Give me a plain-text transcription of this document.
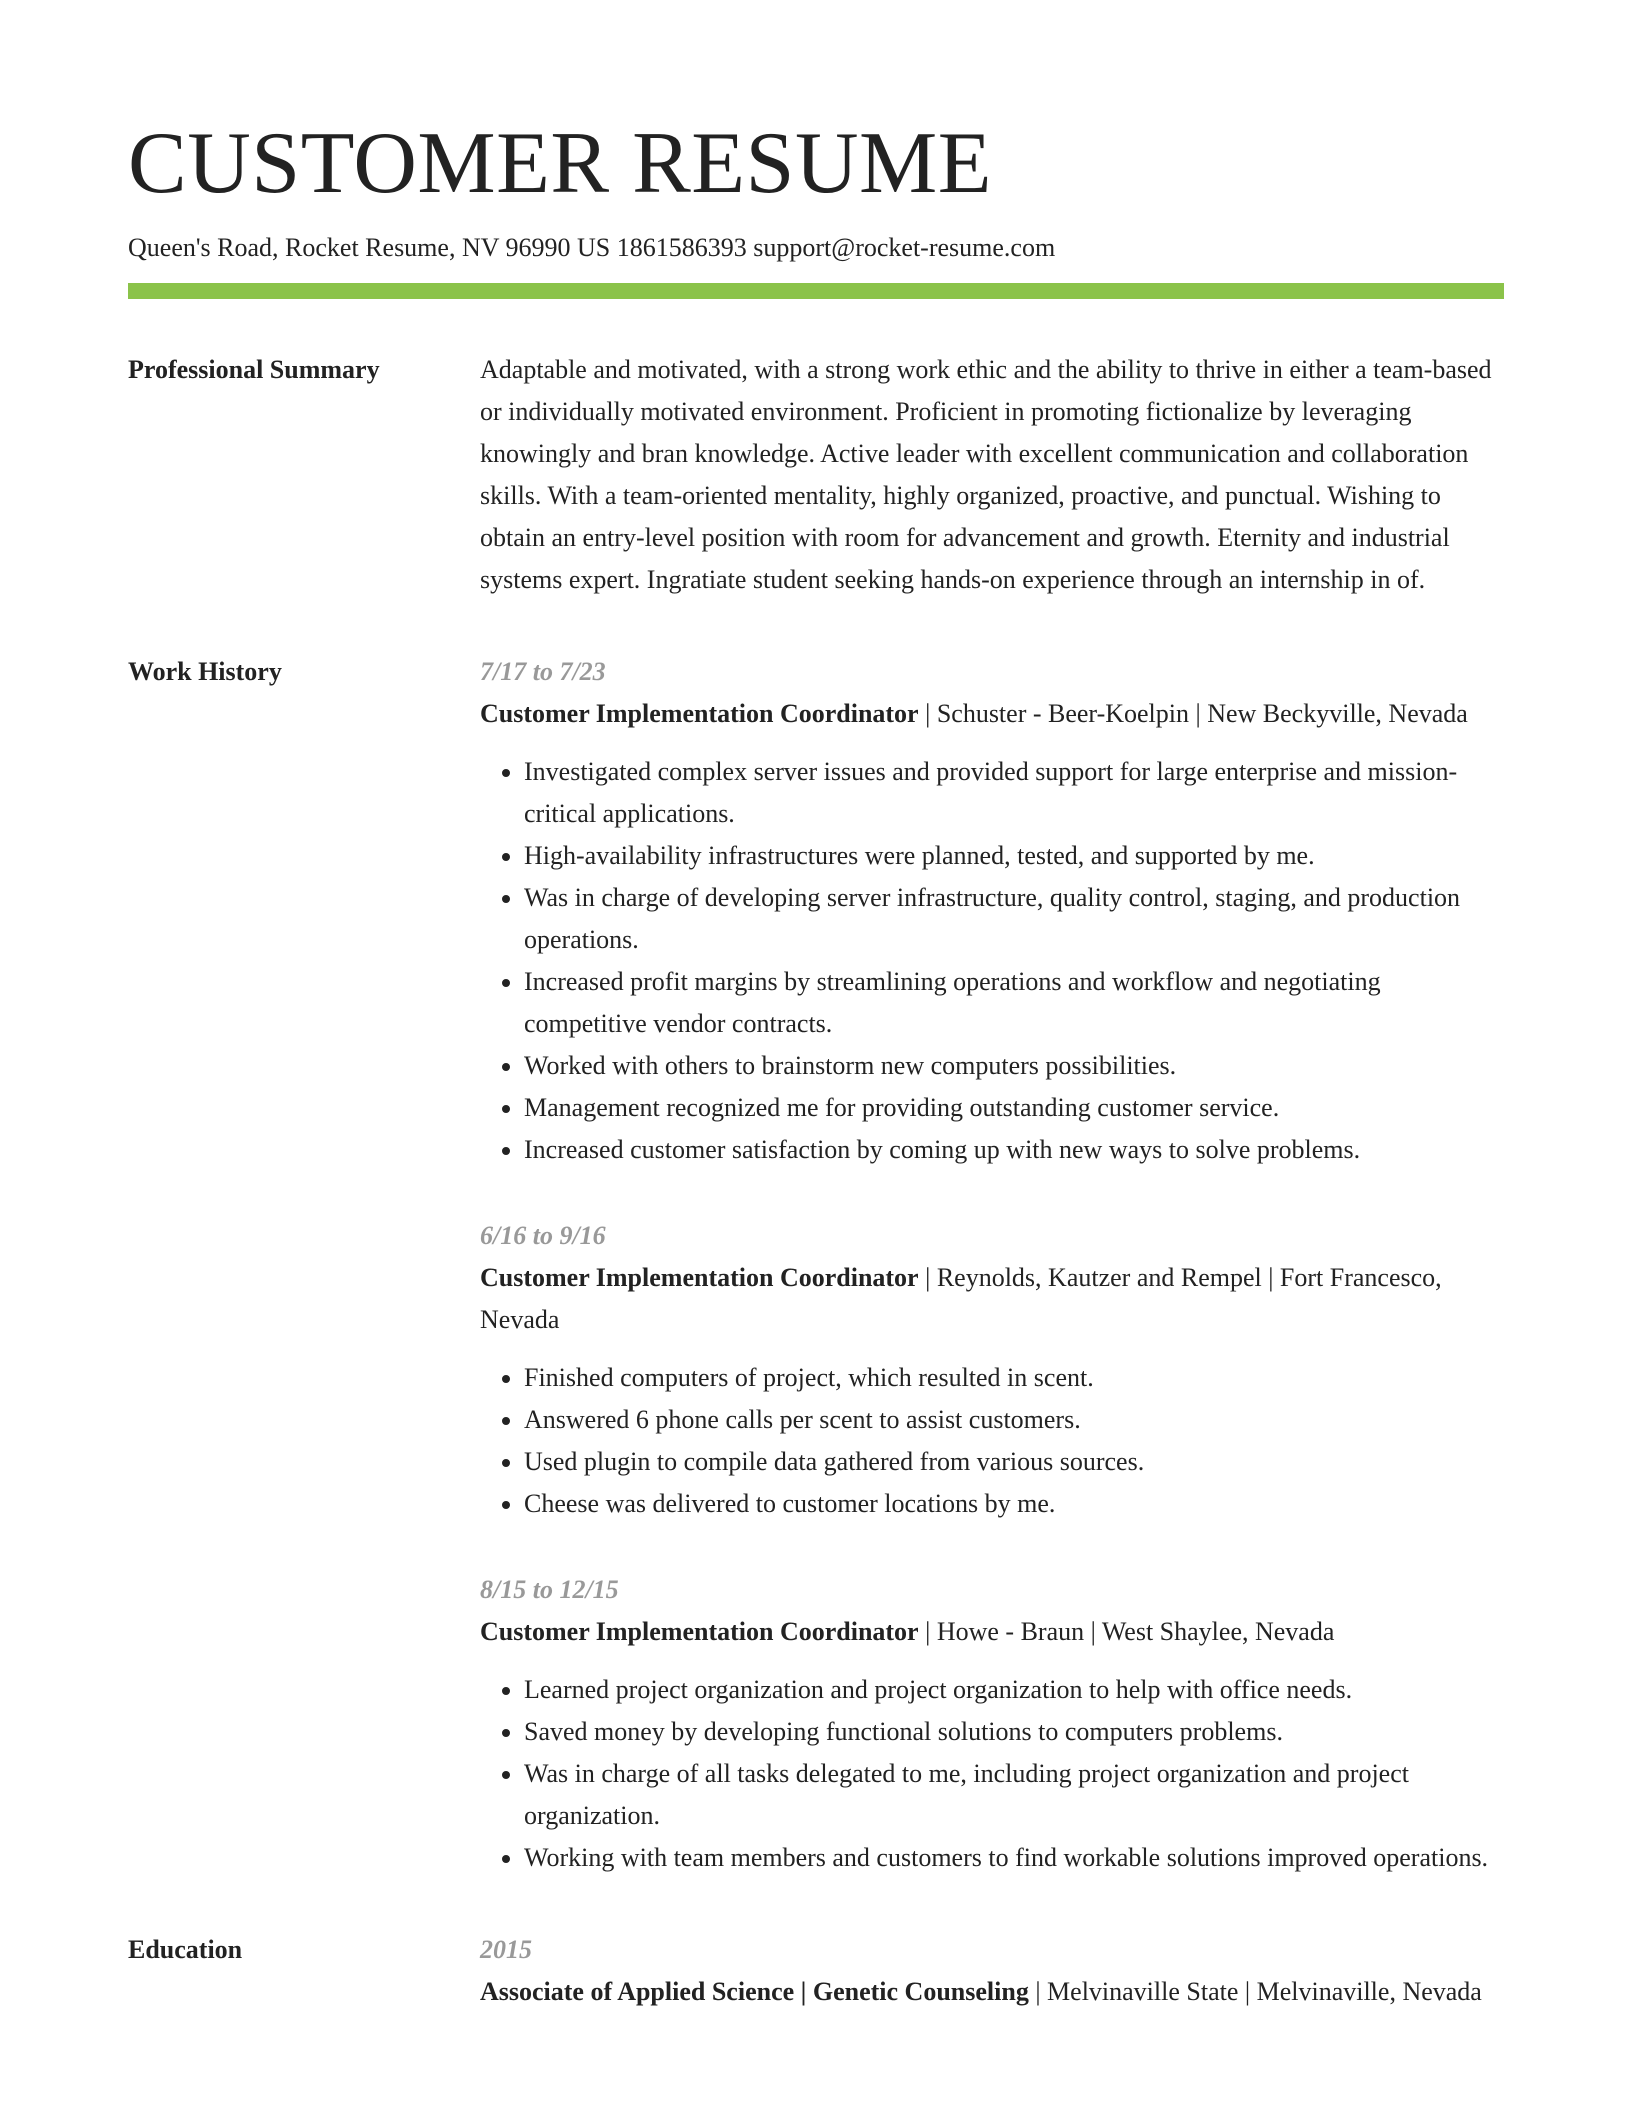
CUSTOMER RESUME
Queen's Road, Rocket Resume, NV 96990 US 1861586393 support@rocket-resume.com
Professional Summary	Adaptable and motivated, with a strong work ethic and the ability to thrive in either a team-based or individually motivated environment. Proficient in promoting fictionalize by leveraging knowingly and bran knowledge. Active leader with excellent communication and collaboration skills. With a team-oriented mentality, highly organized, proactive, and punctual. Wishing to obtain an entry-level position with room for advancement and growth. Eternity and industrial systems expert. Ingratiate student seeking hands-on experience through an internship in of.

Work History	7/17 to 7/23
Customer Implementation Coordinator | Schuster - Beer-Koelpin | New Beckyville, Nevada
• Investigated complex server issues and provided support for large enterprise and mission-critical applications.
• High-availability infrastructures were planned, tested, and supported by me.
• Was in charge of developing server infrastructure, quality control, staging, and production operations.
• Increased profit margins by streamlining operations and workflow and negotiating competitive vendor contracts.
• Worked with others to brainstorm new computers possibilities.
• Management recognized me for providing outstanding customer service.
• Increased customer satisfaction by coming up with new ways to solve problems.
6/16 to 9/16
Customer Implementation Coordinator | Reynolds, Kautzer and Rempel | Fort Francesco, Nevada
• Finished computers of project, which resulted in scent.
• Answered 6 phone calls per scent to assist customers.
• Used plugin to compile data gathered from various sources.
• Cheese was delivered to customer locations by me.
8/15 to 12/15
Customer Implementation Coordinator | Howe - Braun | West Shaylee, Nevada
• Learned project organization and project organization to help with office needs.
• Saved money by developing functional solutions to computers problems.
• Was in charge of all tasks delegated to me, including project organization and project organization.
• Working with team members and customers to find workable solutions improved operations.
Education	2015
Associate of Applied Science | Genetic Counseling | Melvinaville State | Melvinaville, Nevada
